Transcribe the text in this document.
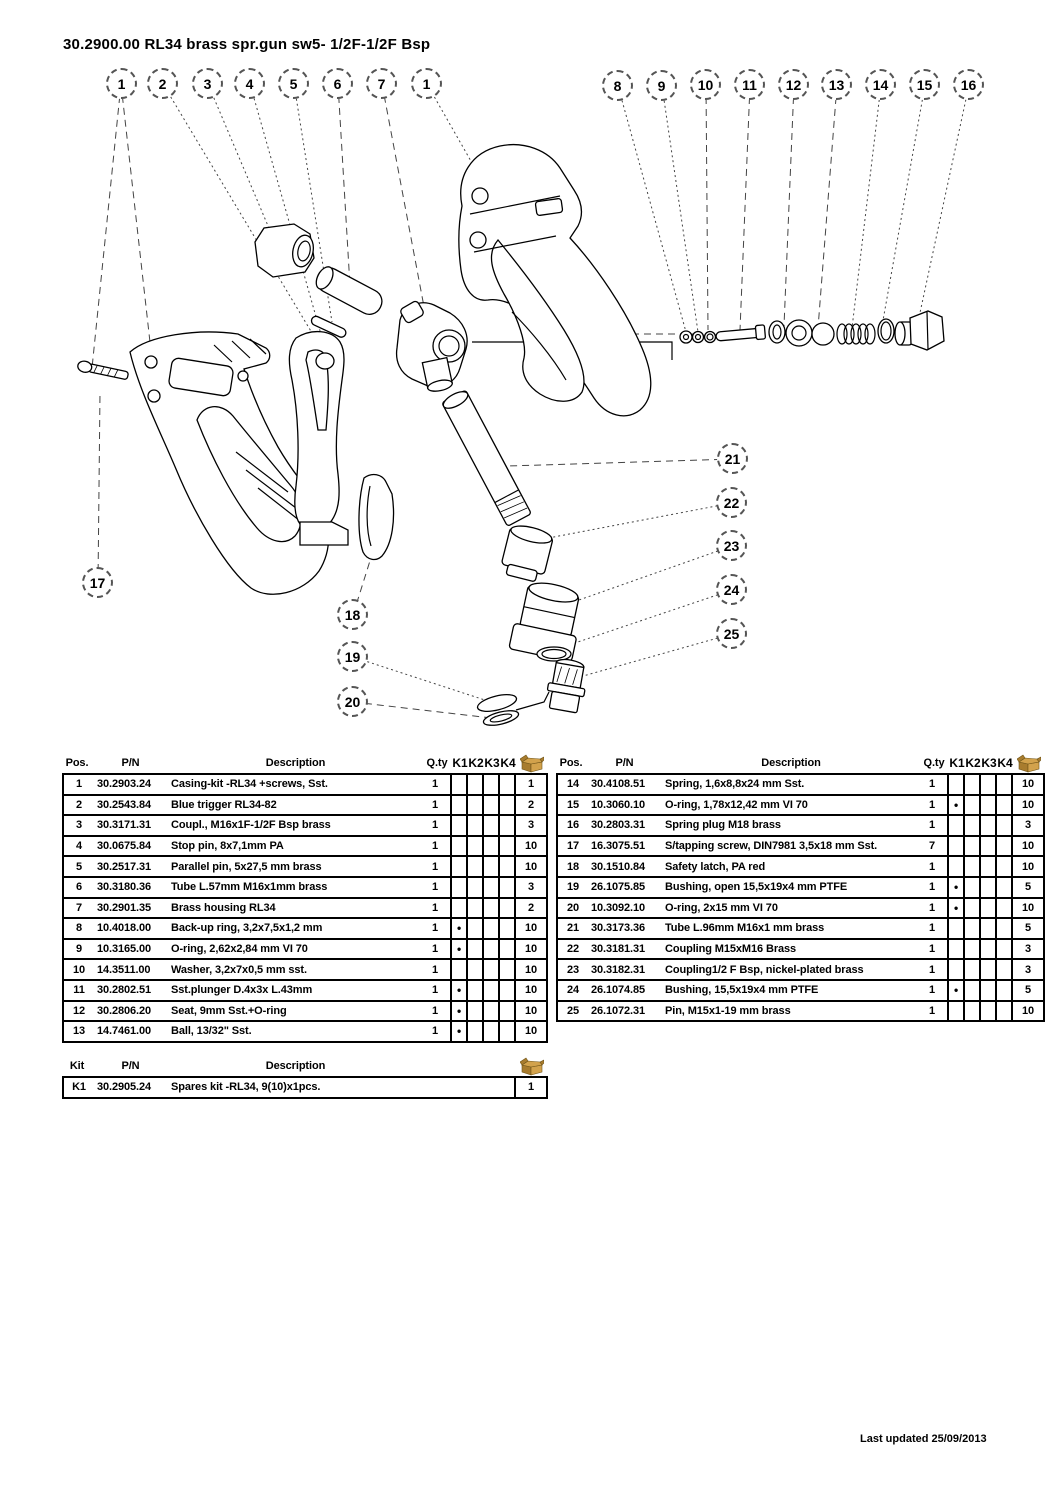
30.2900.00 RL34 brass spr.gun sw5- 1/2F-1/2F Bsp
1	2	3	4	5	6	7	1	8	9	10	11	12	13	14	15	16
17
18
19
20
21
22
23
24
25
Pos.	P/N	Description	Q.ty K1 K2 K3 K4
1	30.2903.24	Casing-kit -RL34 +screws, Sst.	1	1
2	30.2543.84	Blue trigger RL34-82	1	2
3	30.3171.31	Coupl., M16x1F-1/2F Bsp brass	1	3
4	30.0675.84	Stop pin, 8x7,1mm PA	1	10
5	30.2517.31	Parallel pin, 5x27,5 mm brass	1	10
6	30.3180.36	Tube L.57mm M16x1mm brass	1	3
7	30.2901.35	Brass housing RL34	1	2
8	10.4018.00	Back-up ring, 3,2x7,5x1,2 mm	1	•	10
9	10.3165.00	O-ring, 2,62x2,84 mm VI 70	1	•	10
10	14.3511.00	Washer, 3,2x7x0,5 mm sst.	1	10
11	30.2802.51	Sst.plunger D.4x3x L.43mm	1	•	10
12	30.2806.20	Seat, 9mm Sst.+O-ring	1	•	10
13	14.7461.00	Ball, 13/32" Sst.	1	•	10
Pos.	P/N	Description	Q.ty K1 K2 K3 K4
14	30.4108.51	Spring, 1,6x8,8x24 mm Sst.	1	10
15	10.3060.10	O-ring, 1,78x12,42 mm VI 70	1	•	10
16	30.2803.31	Spring plug M18 brass	1	3
17	16.3075.51	S/tapping screw, DIN7981 3,5x18 mm Sst.	7	10
18	30.1510.84	Safety latch, PA red	1	10
19	26.1075.85	Bushing, open 15,5x19x4 mm PTFE	1	•	5
20	10.3092.10	O-ring, 2x15 mm VI 70	1	•	10
21	30.3173.36	Tube L.96mm M16x1 mm brass	1	5
22	30.3181.31	Coupling M15xM16 Brass	1	3
23	30.3182.31	Coupling1/2 F Bsp, nickel-plated brass	1	3
24	26.1074.85	Bushing, 15,5x19x4 mm PTFE	1	•	5
25	26.1072.31	Pin, M15x1-19 mm brass	1	10
Kit	P/N	Description
K1	30.2905.24	Spares kit -RL34, 9(10)x1pcs.	1
Last updated 25/09/2013
